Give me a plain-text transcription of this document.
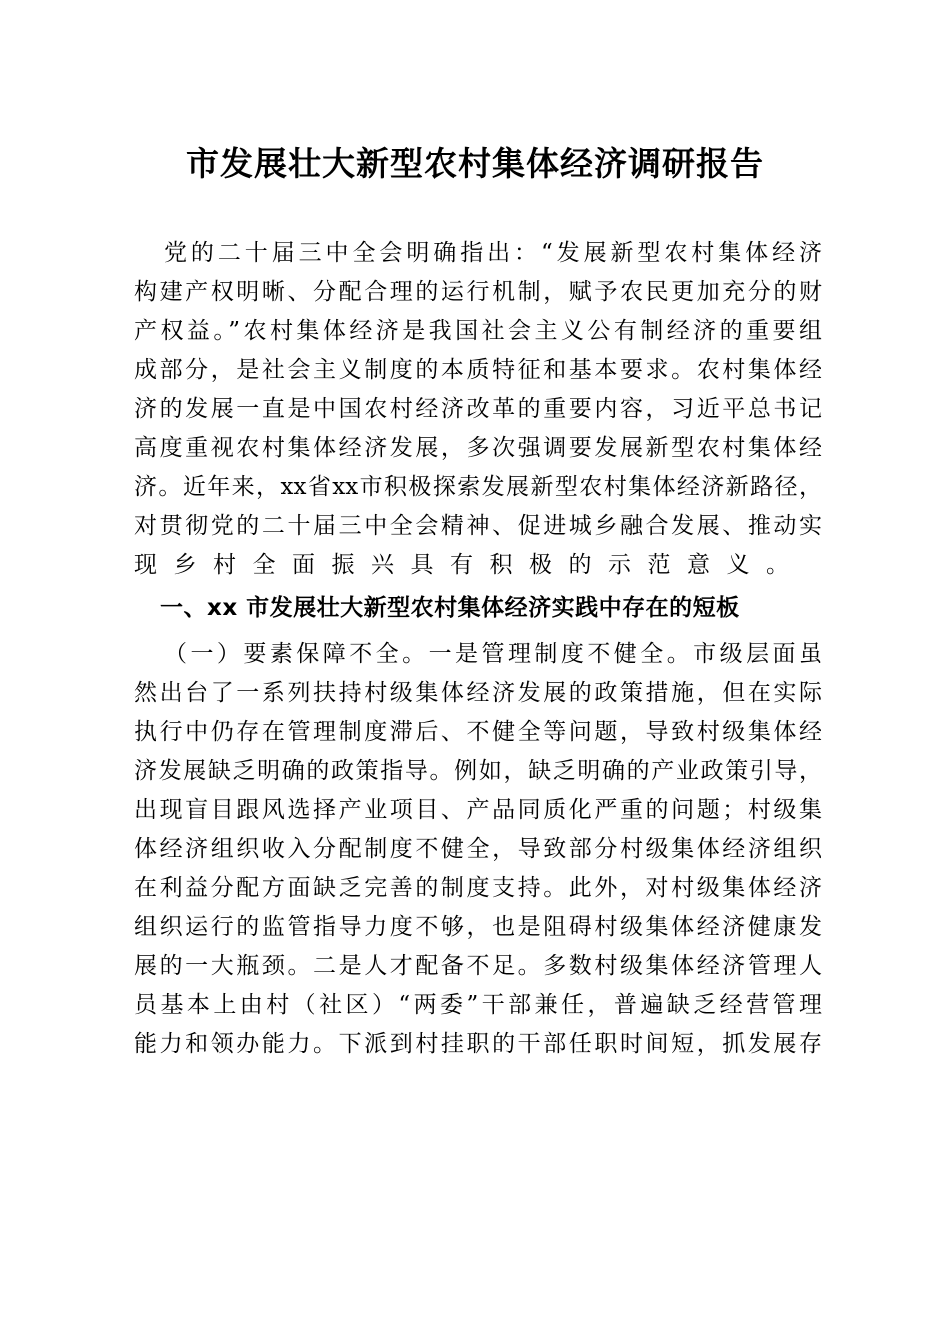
市发展壮大新型农村集体经济调研报告
党的二十届三中全会明确指出：“发展新型农村集体经济
构建产权明晰、分配合理的运行机制，赋予农民更加充分的财
产权益。”农村集体经济是我国社会主义公有制经济的重要组
成部分，是社会主义制度的本质特征和基本要求。农村集体经
济的发展一直是中国农村经济改革的重要内容，习近平总书记
高度重视农村集体经济发展，多次强调要发展新型农村集体经
济。近年来，xx省xx市积极探索发展新型农村集体经济新路径，
对贯彻党的二十届三中全会精神、促进城乡融合发展、推动实
现乡村全面振兴具有积极的示范意义。
一、xx 市发展壮大新型农村集体经济实践中存在的短板
（一）要素保障不全。一是管理制度不健全。市级层面虽
然出台了一系列扶持村级集体经济发展的政策措施，但在实际
执行中仍存在管理制度滞后、不健全等问题，导致村级集体经
济发展缺乏明确的政策指导。例如，缺乏明确的产业政策引导，
出现盲目跟风选择产业项目、产品同质化严重的问题；村级集
体经济组织收入分配制度不健全，导致部分村级集体经济组织
在利益分配方面缺乏完善的制度支持。此外，对村级集体经济
组织运行的监管指导力度不够，也是阻碍村级集体经济健康发
展的一大瓶颈。二是人才配备不足。多数村级集体经济管理人
员基本上由村（社区）“两委”干部兼任，普遍缺乏经营管理
能力和领办能力。下派到村挂职的干部任职时间短，抓发展存
